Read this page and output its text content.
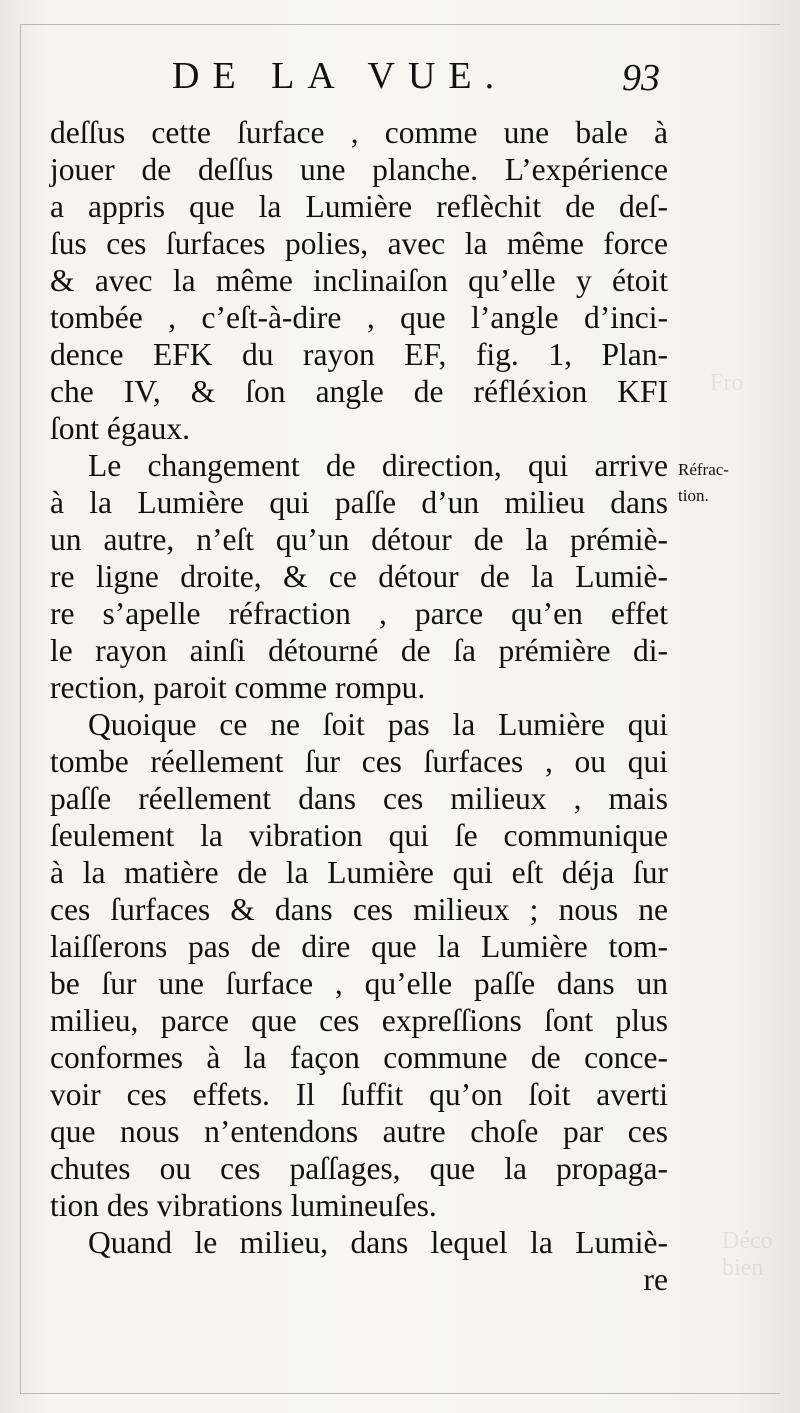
Fro
Déco
bien
DE LA VUE.	93
deſſus cette ſurface , comme une bale à
jouer de deſſus une planche. L’expérience
a appris que la Lumière reflèchit de deſ-
ſus ces ſurfaces polies, avec la même force
& avec la même inclinaiſon qu’elle y étoit
tombée , c’eſt-à-dire , que l’angle d’inci-
dence EFK du rayon EF, fig. 1, Plan-
che IV, & ſon angle de réfléxion KFI
ſont égaux.
Le changement de direction, qui arrive
à la Lumière qui paſſe d’un milieu dans
un autre, n’eſt qu’un détour de la prémiè-
re ligne droite, & ce détour de la Lumiè-
re s’apelle réfraction , parce qu’en effet
le rayon ainſi détourné de ſa prémière di-
rection, paroit comme rompu.
Quoique ce ne ſoit pas la Lumière qui
tombe réellement ſur ces ſurfaces , ou qui
paſſe réellement dans ces milieux , mais
ſeulement la vibration qui ſe communique
à la matière de la Lumière qui eſt déja ſur
ces ſurfaces & dans ces milieux ; nous ne
laiſſerons pas de dire que la Lumière tom-
be ſur une ſurface , qu’elle paſſe dans un
milieu, parce que ces expreſſions ſont plus
conformes à la façon commune de conce-
voir ces effets. Il ſuffit qu’on ſoit averti
que nous n’entendons autre choſe par ces
chutes ou ces paſſages, que la propaga-
tion des vibrations lumineuſes.
Quand le milieu, dans lequel la Lumiè-
re
Réfrac-
tion.
